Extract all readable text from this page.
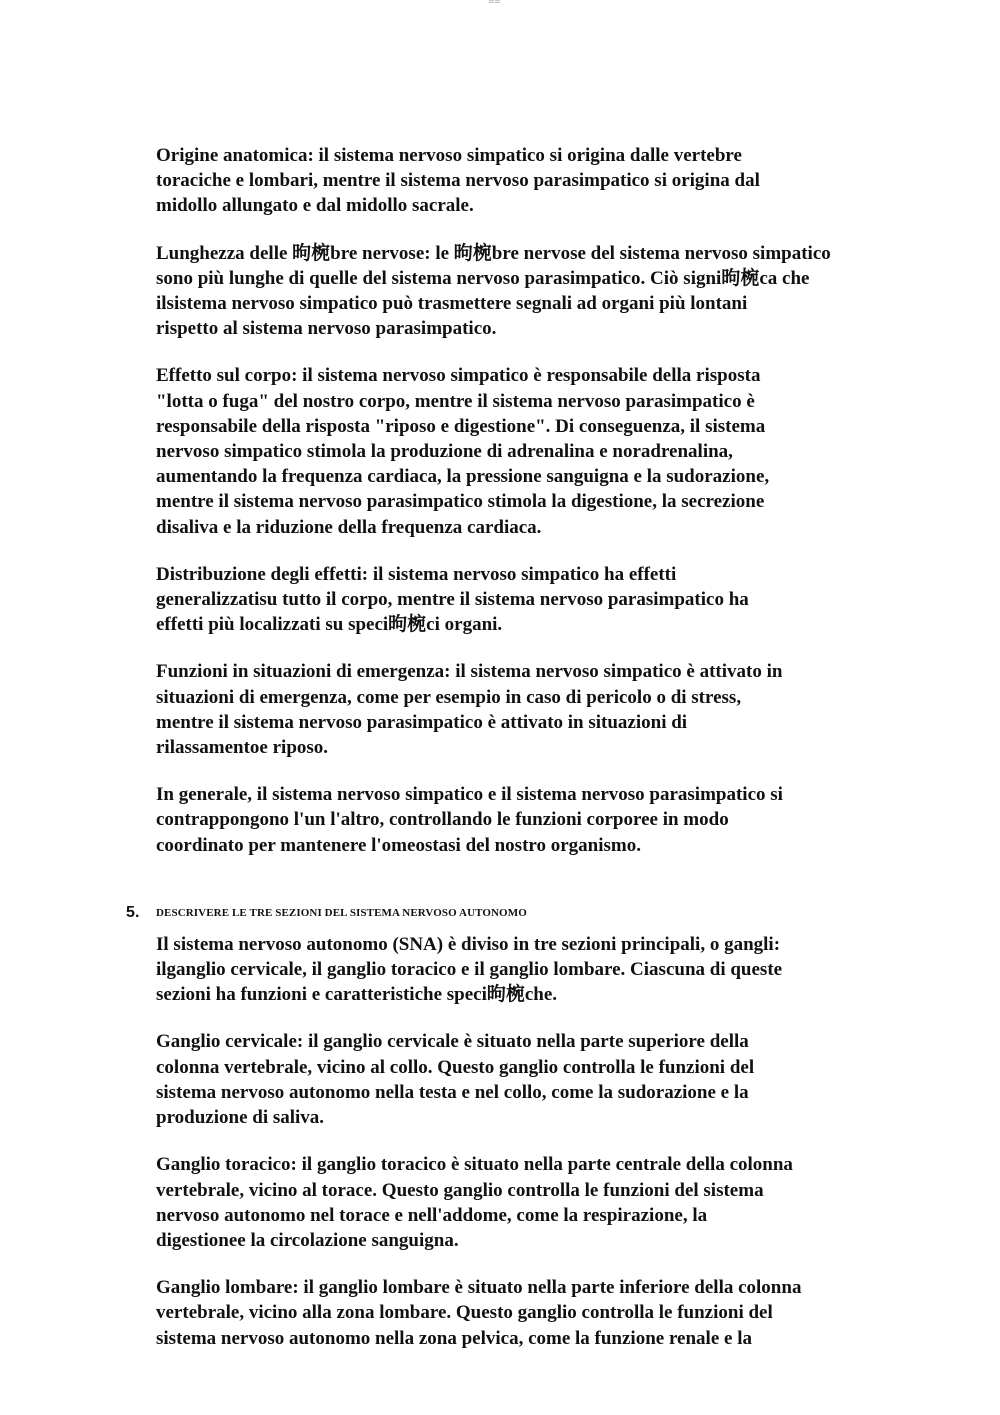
Origine anatomica: il sistema nervoso simpatico si origina dalle vertebre
toraciche e lombari, mentre il sistema nervoso parasimpatico si origina dal
midollo allungato e dal midollo sacrale.

Lunghezza delle 昫椀bre nervose: le 昫椀bre nervose del sistema nervoso simpatico
sono più lunghe di quelle del sistema nervoso parasimpatico. Ciò signi昫椀ca che
ilsistema nervoso simpatico può trasmettere segnali ad organi più lontani
rispetto al sistema nervoso parasimpatico.

Effetto sul corpo: il sistema nervoso simpatico è responsabile della risposta
"lotta o fuga" del nostro corpo, mentre il sistema nervoso parasimpatico è
responsabile della risposta "riposo e digestione". Di conseguenza, il sistema
nervoso simpatico stimola la produzione di adrenalina e noradrenalina,
aumentando la frequenza cardiaca, la pressione sanguigna e la sudorazione,
mentre il sistema nervoso parasimpatico stimola la digestione, la secrezione
disaliva e la riduzione della frequenza cardiaca.

Distribuzione degli effetti: il sistema nervoso simpatico ha effetti
generalizzatisu tutto il corpo, mentre il sistema nervoso parasimpatico ha
effetti più localizzati su speci昫椀ci organi.

Funzioni in situazioni di emergenza: il sistema nervoso simpatico è attivato in
situazioni di emergenza, come per esempio in caso di pericolo o di stress,
mentre il sistema nervoso parasimpatico è attivato in situazioni di
rilassamentoe riposo.

In generale, il sistema nervoso simpatico e il sistema nervoso parasimpatico si
contrappongono l'un l'altro, controllando le funzioni corporee in modo
coordinato per mantenere l'omeostasi del nostro organismo.

5. DESCRIVERE LE TRE SEZIONI DEL SISTEMA NERVOSO AUTONOMO

Il sistema nervoso autonomo (SNA) è diviso in tre sezioni principali, o gangli:
ilganglio cervicale, il ganglio toracico e il ganglio lombare. Ciascuna di queste
sezioni ha funzioni e caratteristiche speci昫椀che.

Ganglio cervicale: il ganglio cervicale è situato nella parte superiore della
colonna vertebrale, vicino al collo. Questo ganglio controlla le funzioni del
sistema nervoso autonomo nella testa e nel collo, come la sudorazione e la
produzione di saliva.

Ganglio toracico: il ganglio toracico è situato nella parte centrale della colonna
vertebrale, vicino al torace. Questo ganglio controlla le funzioni del sistema
nervoso autonomo nel torace e nell'addome, come la respirazione, la
digestionee la circolazione sanguigna.

Ganglio lombare: il ganglio lombare è situato nella parte inferiore della colonna
vertebrale, vicino alla zona lombare. Questo ganglio controlla le funzioni del
sistema nervoso autonomo nella zona pelvica, come la funzione renale e la
